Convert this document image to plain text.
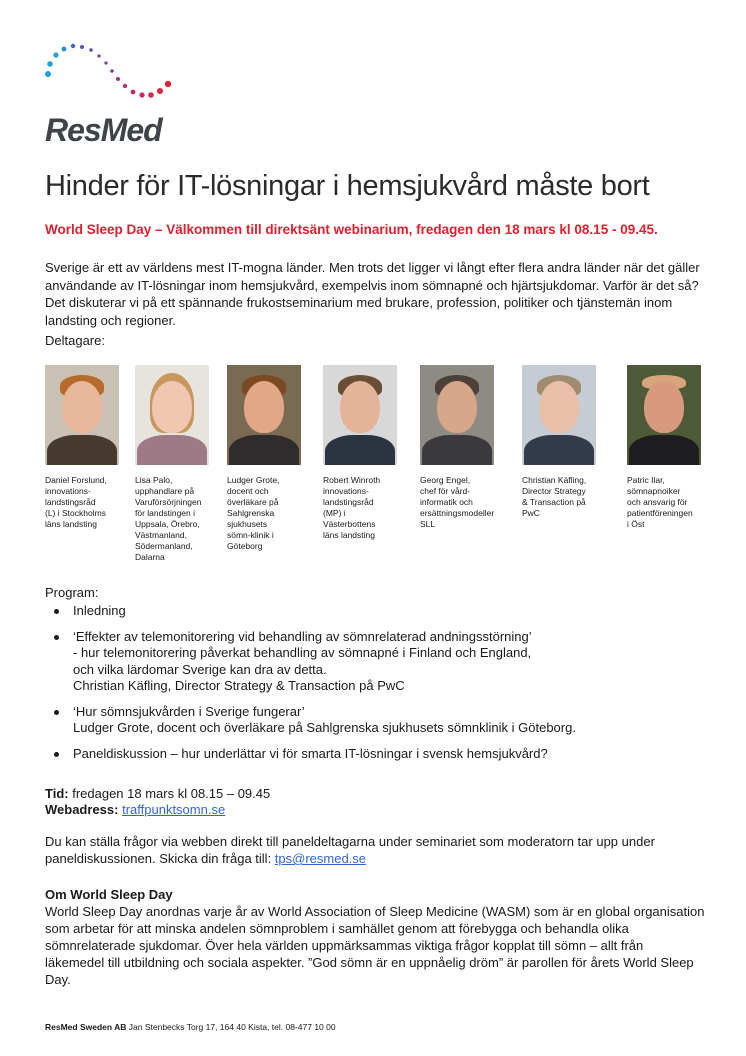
ResMed
Hinder för IT-lösningar i hemsjukvård måste bort

World Sleep Day – Välkommen till direktsänt webinarium, fredagen den 18 mars kl 08.15 - 09.45.

Sverige är ett av världens mest IT-mogna länder. Men trots det ligger vi långt efter flera andra länder när det gäller användande av IT-lösningar inom hemsjukvård, exempelvis inom sömnapné och hjärtsjukdomar. Varför är det så? Det diskuterar vi på ett spännande frukostseminarium med brukare, profession, politiker och tjänstemän inom landsting och regioner.

Deltagare:

Daniel Forslund,
innovations-
landstingsråd
(L) i Stockholms
läns landsting
Lisa Palo,
upphandlare på
Varuförsörjningen
för landstingen i
Uppsala, Örebro,
Västmanland,
Södermanland,
Dalarna
Ludger Grote,
docent och
överläkare på
Sahlgrenska
sjukhusets
sömn-klinik i
Göteborg
Robert Winroth
innovations-
landstingsråd
(MP) i
Västerbottens
läns landsting
Georg Engel,
chef för vård-
informatik och
ersättningsmodeller
SLL
Christian Käfling,
Director Strategy
& Transaction på
PwC
Patric Ilar,
sömnapnoiker
och ansvarig för
patientföreningen
i Öst

Program:

Inledning
‘Effekter av telemonitorering vid behandling av sömnrelaterad andningsstörning’
- hur telemonitorering påverkat behandling av sömnapné i Finland och England,
och vilka lärdomar Sverige kan dra av detta.
Christian Käfling, Director Strategy & Transaction på PwC
‘Hur sömnsjukvården i Sverige fungerar’
Ludger Grote, docent och överläkare på Sahlgrenska sjukhusets sömnklinik i Göteborg.
Paneldiskussion – hur underlättar vi för smarta IT-lösningar i svensk hemsjukvård?
Tid: fredagen 18 mars kl 08.15 – 09.45
Webadress: traffpunktsomn.se

Du kan ställa frågor via webben direkt till paneldeltagarna under seminariet som moderatorn tar upp under paneldiskussionen. Skicka din fråga till: tps@resmed.se

Om World Sleep Day
World Sleep Day anordnas varje år av World Association of Sleep Medicine (WASM) som är en global organisation som arbetar för att minska andelen sömnproblem i samhället genom att förebygga och behandla olika sömnrelaterade sjukdomar. Över hela världen uppmärksammas viktiga frågor kopplat till sömn – allt från läkemedel till utbildning och sociala aspekter. ”God sömn är en uppnåelig dröm” är parollen för årets World Sleep Day.

ResMed Sweden AB Jan Stenbecks Torg 17, 164 40 Kista, tel. 08-477 10 00
